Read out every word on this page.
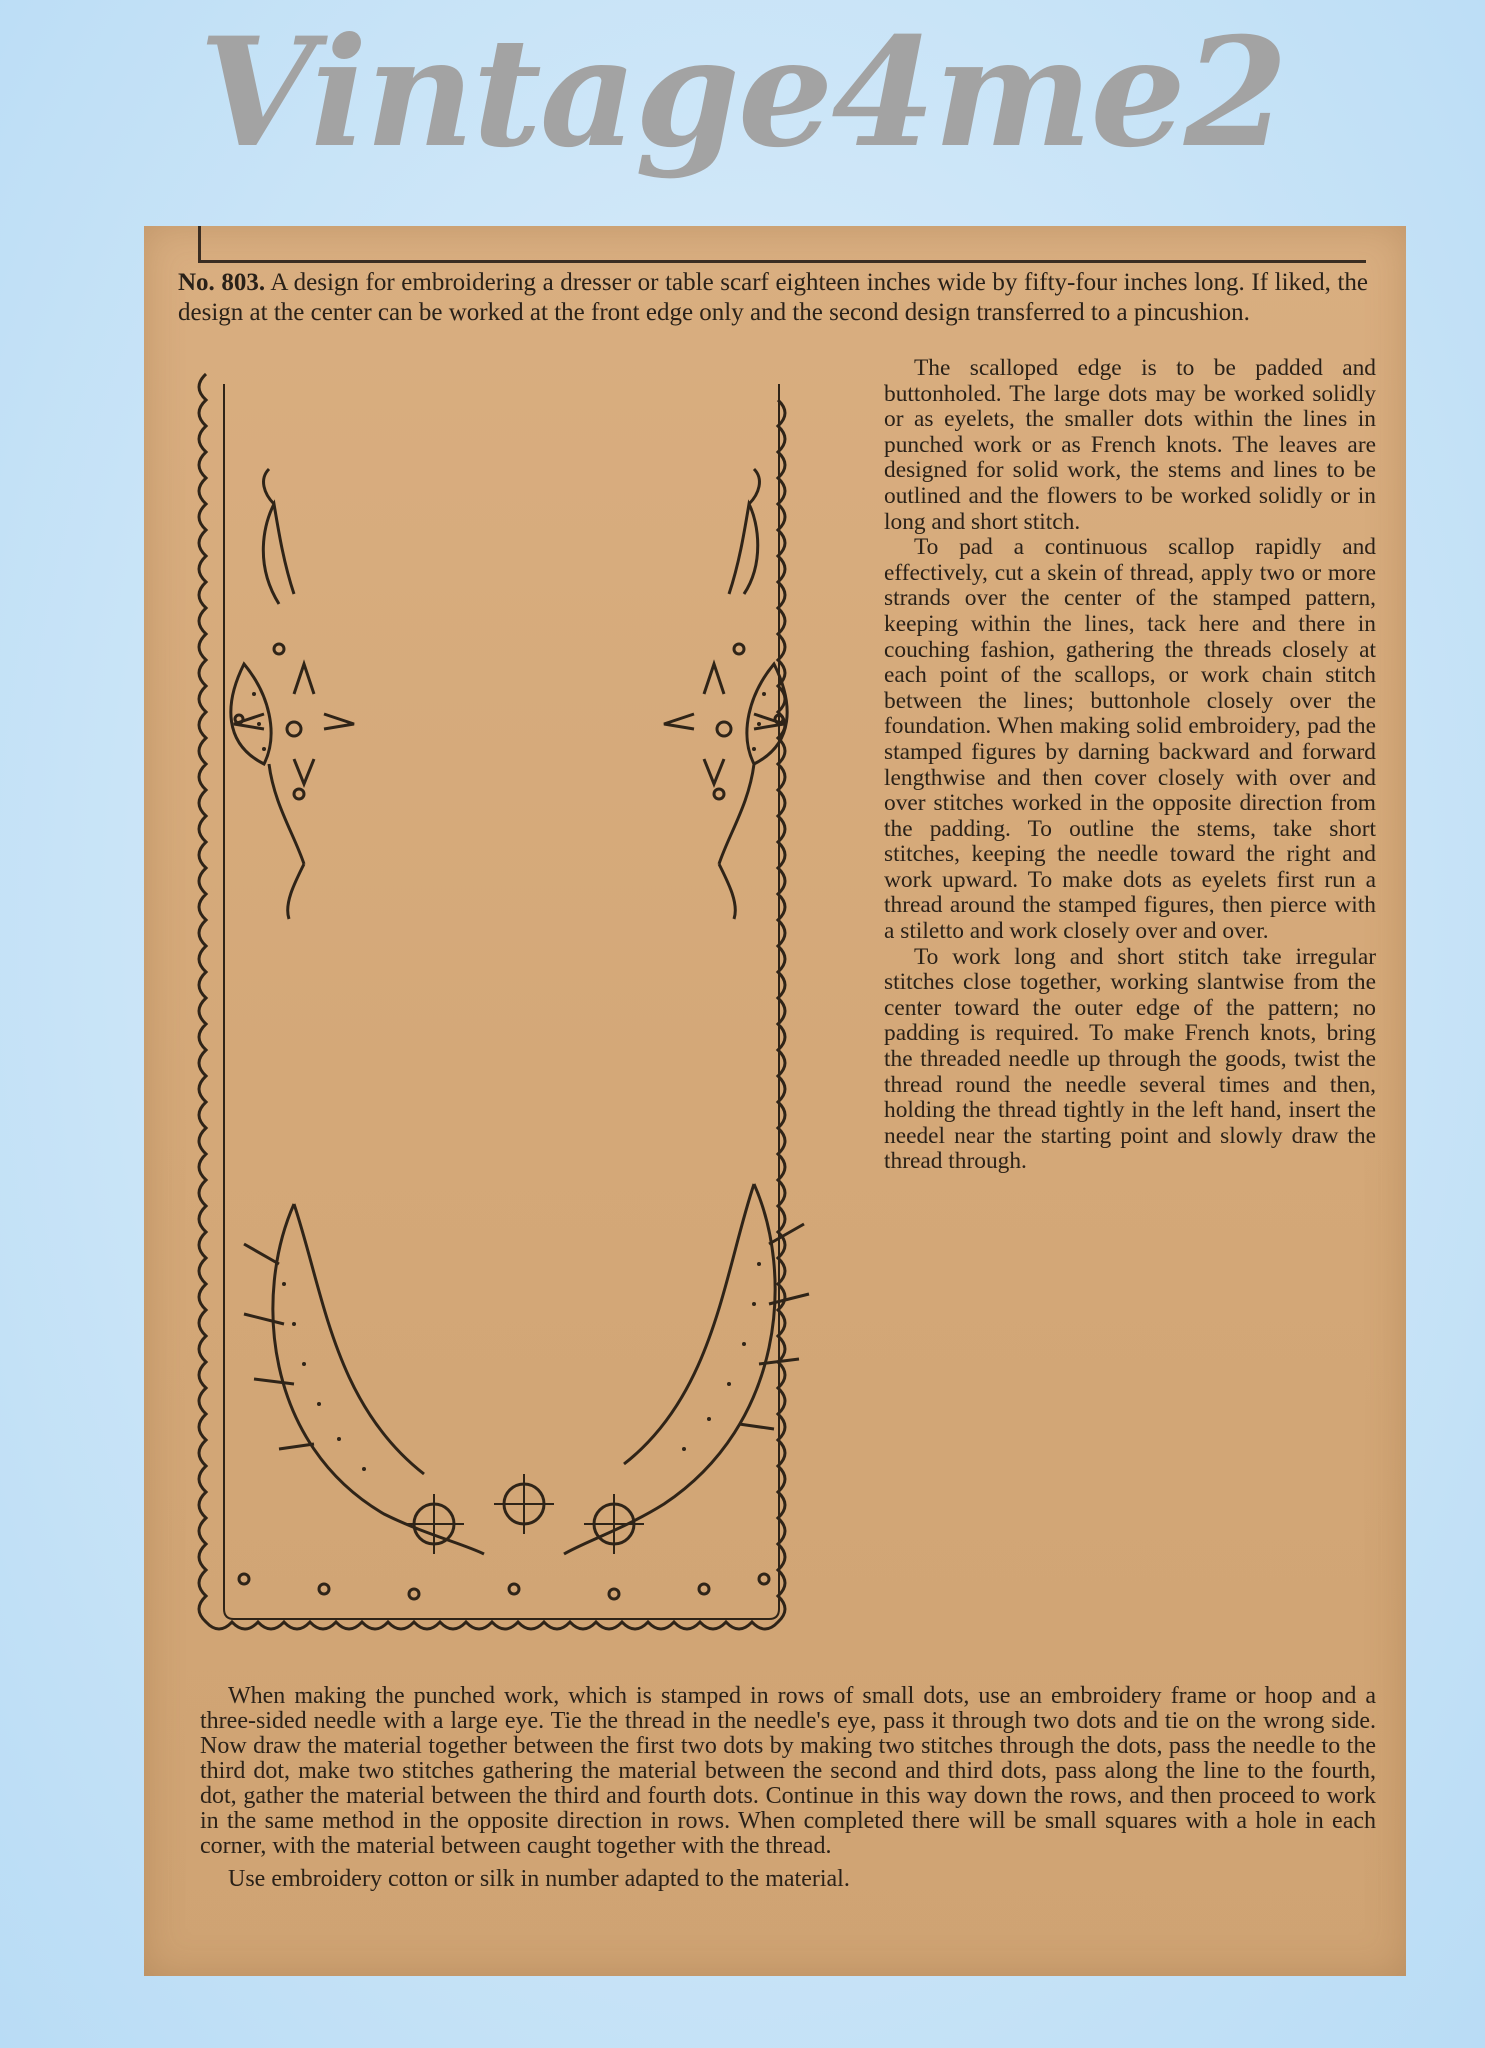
Vintage4me2
No. 803. A design for embroidering a dresser or table scarf eighteen inches wide by fifty-four inches long. If liked, the design at the center can be worked at the front edge only and the second design transferred to a pincushion.

The scalloped edge is to be padded and buttonholed. The large dots may be worked solidly or as eyelets, the smaller dots within the lines in punched work or as French knots. The leaves are designed for solid work, the stems and lines to be outlined and the flowers to be worked solidly or in long and short stitch.

To pad a continuous scallop rapidly and effectively, cut a skein of thread, apply two or more strands over the center of the stamped pattern, keeping within the lines, tack here and there in couching fashion, gathering the threads closely at each point of the scallops, or work chain stitch between the lines; buttonhole closely over the foundation. When making solid embroidery, pad the stamped figures by darning backward and forward lengthwise and then cover closely with over and over stitches worked in the opposite direction from the padding. To outline the stems, take short stitches, keeping the needle toward the right and work upward. To make dots as eyelets first run a thread around the stamped figures, then pierce with a stiletto and work closely over and over.

To work long and short stitch take irregular stitches close together, working slantwise from the center toward the outer edge of the pattern; no padding is required. To make French knots, bring the threaded needle up through the goods, twist the thread round the needle several times and then, holding the thread tightly in the left hand, insert the needel near the starting point and slowly draw the thread through.

When making the punched work, which is stamped in rows of small dots, use an embroidery frame or hoop and a three-sided needle with a large eye. Tie the thread in the needle's eye, pass it through two dots and tie on the wrong side. Now draw the material together between the first two dots by making two stitches through the dots, pass the needle to the third dot, make two stitches gathering the material between the second and third dots, pass along the line to the fourth, dot, gather the material between the third and fourth dots. Continue in this way down the rows, and then proceed to work in the same method in the opposite direction in rows. When completed there will be small squares with a hole in each corner, with the material between caught together with the thread.

Use embroidery cotton or silk in number adapted to the material.
